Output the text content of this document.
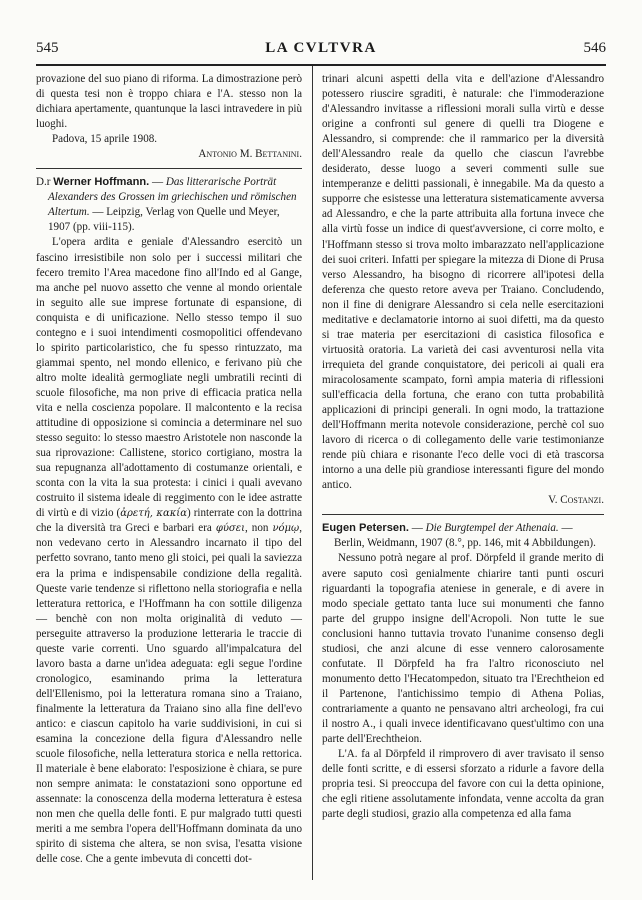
545	LA CVLTVRA	546

provazione del suo piano di riforma. La dimostrazione però di questa tesi non è troppo chiara e l'A. stesso non la dichiara apertamente, quantunque la lasci intravedere in più luoghi.

Padova, 15 aprile 1908.

Antonio M. Bettanini.

D.r Werner Hoffmann. — Das litterarische Porträt Alexanders des Grossen im griechischen und römischen Altertum. — Leipzig, Verlag von Quelle und Meyer, 1907 (pp. viii-115).

L'opera ardita e geniale d'Alessandro esercitò un fascino irresistibile non solo per i successi militari che fecero tremito l'Area macedone fino all'Indo ed al Gange, ma anche pel nuovo assetto che venne al mondo orientale in seguito alle sue imprese fortunate di espansione, di conquista e di unificazione. Nello stesso tempo il suo contegno e i suoi intendimenti cosmopolitici offendevano lo spirito particolaristico, che fu spesso rintuzzato, ma giammai spento, nel mondo ellenico, e ferivano più che altro molte idealità germogliate negli umbratili recinti di scuole filosofiche, ma non prive di efficacia pratica nella vita e nella coscienza popolare. Il malcontento e la recisa attitudine di opposizione si comincia a determinare nel suo stesso seguito: lo stesso maestro Aristotele non nasconde la sua riprovazione: Callistene, storico cortigiano, mostra la sua repugnanza all'adottamento di costumanze orientali, e sconta con la vita la sua protesta: i cinici i quali avevano costruito il sistema ideale di reggimento con le idee astratte di virtù e di vizio (ἀρετή, κακία) rinterrate con la dottrina che la diversità tra Greci e barbari era φύσει, non νόμῳ, non vedevano certo in Alessandro incarnato il tipo del perfetto sovrano, tanto meno gli stoici, pei quali la saviezza era la prima e indispensabile condizione della regalità. Queste varie tendenze si riflettono nella storiografia e nella letteratura rettorica, e l'Hoffmann ha con sottile diligenza — benchè con non molta originalità di veduto — perseguite attraverso la produzione letteraria le traccie di queste varie correnti. Uno sguardo all'impalcatura del lavoro basta a darne un'idea adeguata: egli segue l'ordine cronologico, esaminando prima la letteratura dell'Ellenismo, poi la letteratura romana sino a Traiano, finalmente la letteratura da Traiano sino alla fine dell'evo antico: e ciascun capitolo ha varie suddivisioni, in cui si esamina la concezione della figura d'Alessandro nelle scuole filosofiche, nella letteratura storica e nella rettorica. Il materiale è bene elaborato: l'esposizione è chiara, se pure non sempre animata: le constatazioni sono opportune ed assennate: la conoscenza della moderna letteratura è estesa non men che quella delle fonti. E pur malgrado tutti questi meriti a me sembra l'opera dell'Hoffmann dominata da uno spirito di sistema che altera, se non svisa, l'esatta visione delle cose. Che a gente imbevuta di concetti dot-

trinari alcuni aspetti della vita e dell'azione d'Alessandro potessero riuscire sgraditi, è naturale: che l'immoderazione d'Alessandro invitasse a riflessioni morali sulla virtù e desse origine a confronti sul genere di quelli tra Diogene e Alessandro, si comprende: che il rammarico per la diversità dell'Alessandro reale da quello che ciascun l'avrebbe desiderato, desse luogo a severi commenti sulle sue intemperanze e delitti passionali, è innegabile. Ma da questo a supporre che esistesse una letteratura sistematicamente avversa ad Alessandro, e che la parte attribuita alla fortuna invece che alla virtù fosse un indice di quest'avversione, ci corre molto, e l'Hoffmann stesso si trova molto imbarazzato nell'applicazione dei suoi criteri. Infatti per spiegare la mitezza di Dione di Prusa verso Alessandro, ha bisogno di ricorrere all'ipotesi della deferenza che questo retore aveva per Traiano. Concludendo, non il fine di denigrare Alessandro si cela nelle esercitazioni meditative e declamatorie intorno ai suoi difetti, ma da questo si trae materia per esercitazioni di casistica filosofica e virtuosità oratoria. La varietà dei casi avventurosi nella vita irrequieta del grande conquistatore, dei pericoli ai quali era miracolosamente scampato, fornì ampia materia di riflessioni sull'efficacia della fortuna, che erano con tutta probabilità applicazioni di principi generali. In ogni modo, la trattazione dell'Hoffmann merita notevole considerazione, perchè col suo lavoro di ricerca o di collegamento delle varie testimonianze rende più chiara e risonante l'eco delle voci di età trascorsa intorno a una delle più grandiose interessanti figure del mondo antico.

V. Costanzi.

Eugen Petersen. — Die Burgtempel der Athenaia. — Berlin, Weidmann, 1907 (8.°, pp. 146, mit 4 Abbildungen).

Nessuno potrà negare al prof. Dörpfeld il grande merito di avere saputo così genialmente chiarire tanti punti oscuri riguardanti la topografia ateniese in generale, e di avere in modo speciale gettato tanta luce sui monumenti che fanno parte del gruppo insigne dell'Acropoli. Non tutte le sue conclusioni hanno tuttavia trovato l'unanime consenso degli studiosi, che anzi alcune di esse vennero calorosamente confutate. Il Dörpfeld ha fra l'altro riconosciuto nel monumento detto l'Hecatompedon, situato tra l'Erechtheion ed il Partenone, l'antichissimo tempio di Athena Polias, contrariamente a quanto ne pensavano altri archeologi, fra cui il nostro A., i quali invece identificavano quest'ultimo con una parte dell'Erechtheion.

L'A. fa al Dörpfeld il rimprovero di aver travisato il senso delle fonti scritte, e di essersi sforzato a ridurle a favore della propria tesi. Si preoccupa del favore con cui la detta opinione, che egli ritiene assolutamente infondata, venne accolta da gran parte degli studiosi, grazio alla competenza ed alla fama
